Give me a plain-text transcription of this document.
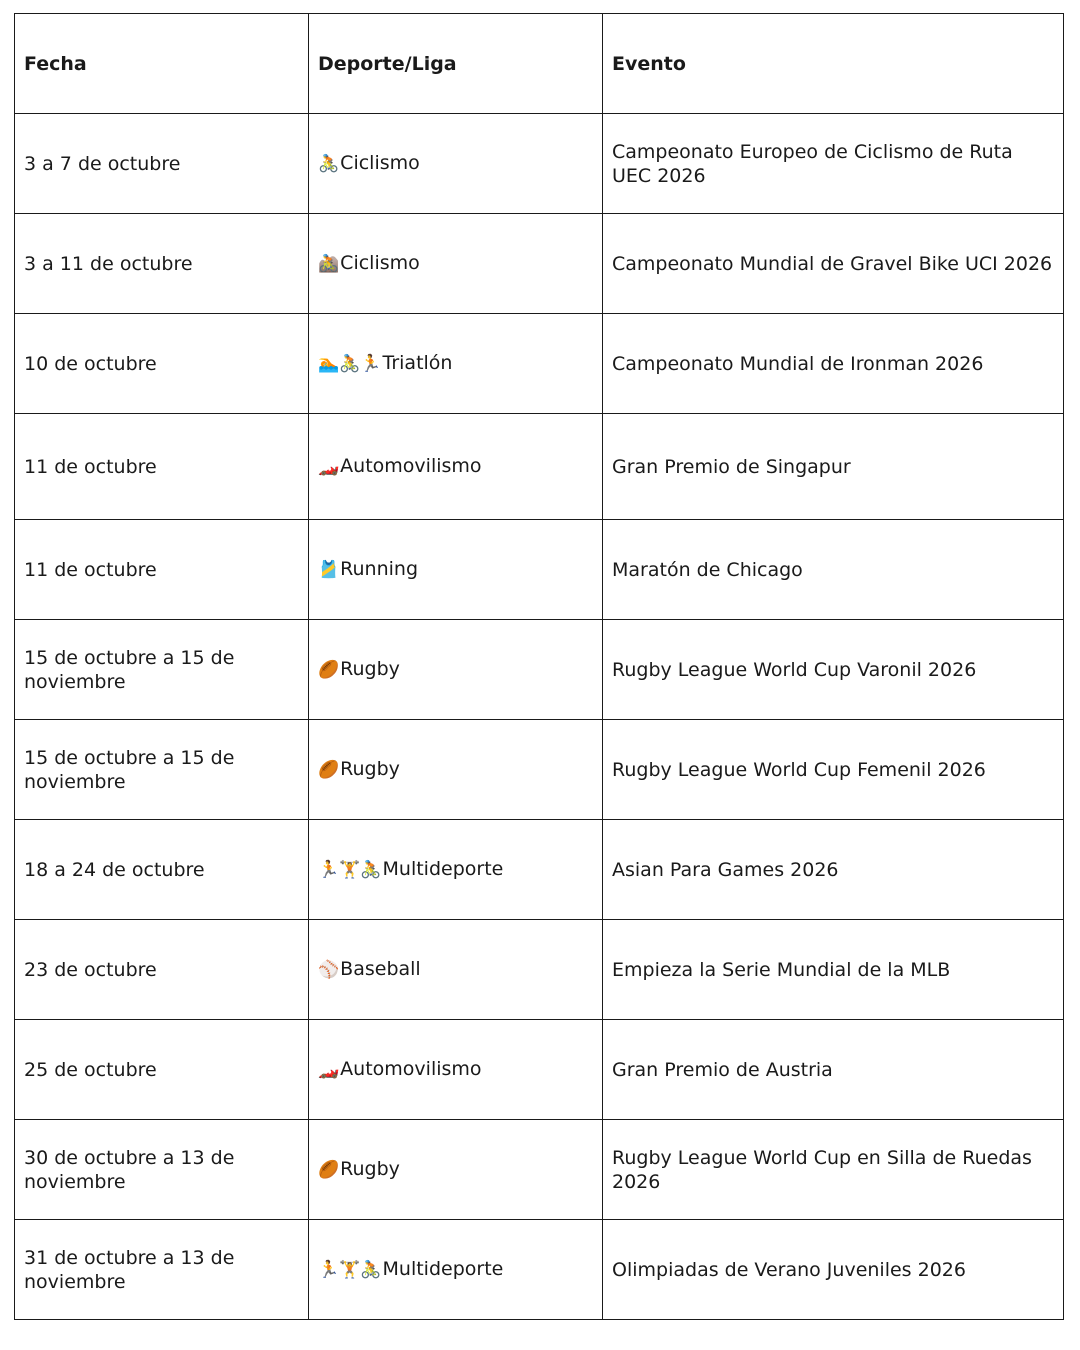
Fecha	Deporte/Liga	Evento
3 a 7 de octubre	🚴Ciclismo	Campeonato Europeo de Ciclismo de Ruta UEC 2026
3 a 11 de octubre	🚵Ciclismo	Campeonato Mundial de Gravel Bike UCI 2026
10 de octubre	🏊🚴🏃Triatlón	Campeonato Mundial de Ironman 2026
11 de octubre	🏎️Automovilismo	Gran Premio de Singapur
11 de octubre	🎽Running	Maratón de Chicago
15 de octubre a 15 de noviembre	🏉Rugby	Rugby League World Cup Varonil 2026
15 de octubre a 15 de noviembre	🏉Rugby	Rugby League World Cup Femenil 2026
18 a 24 de octubre	🏃🏋️🚴Multideporte	Asian Para Games 2026
23 de octubre	⚾Baseball	Empieza la Serie Mundial de la MLB
25 de octubre	🏎️Automovilismo	Gran Premio de Austria
30 de octubre a 13 de noviembre	🏉Rugby	Rugby League World Cup en Silla de Ruedas 2026
31 de octubre a 13 de noviembre	🏃🏋️🚴Multideporte	Olimpiadas de Verano Juveniles 2026
